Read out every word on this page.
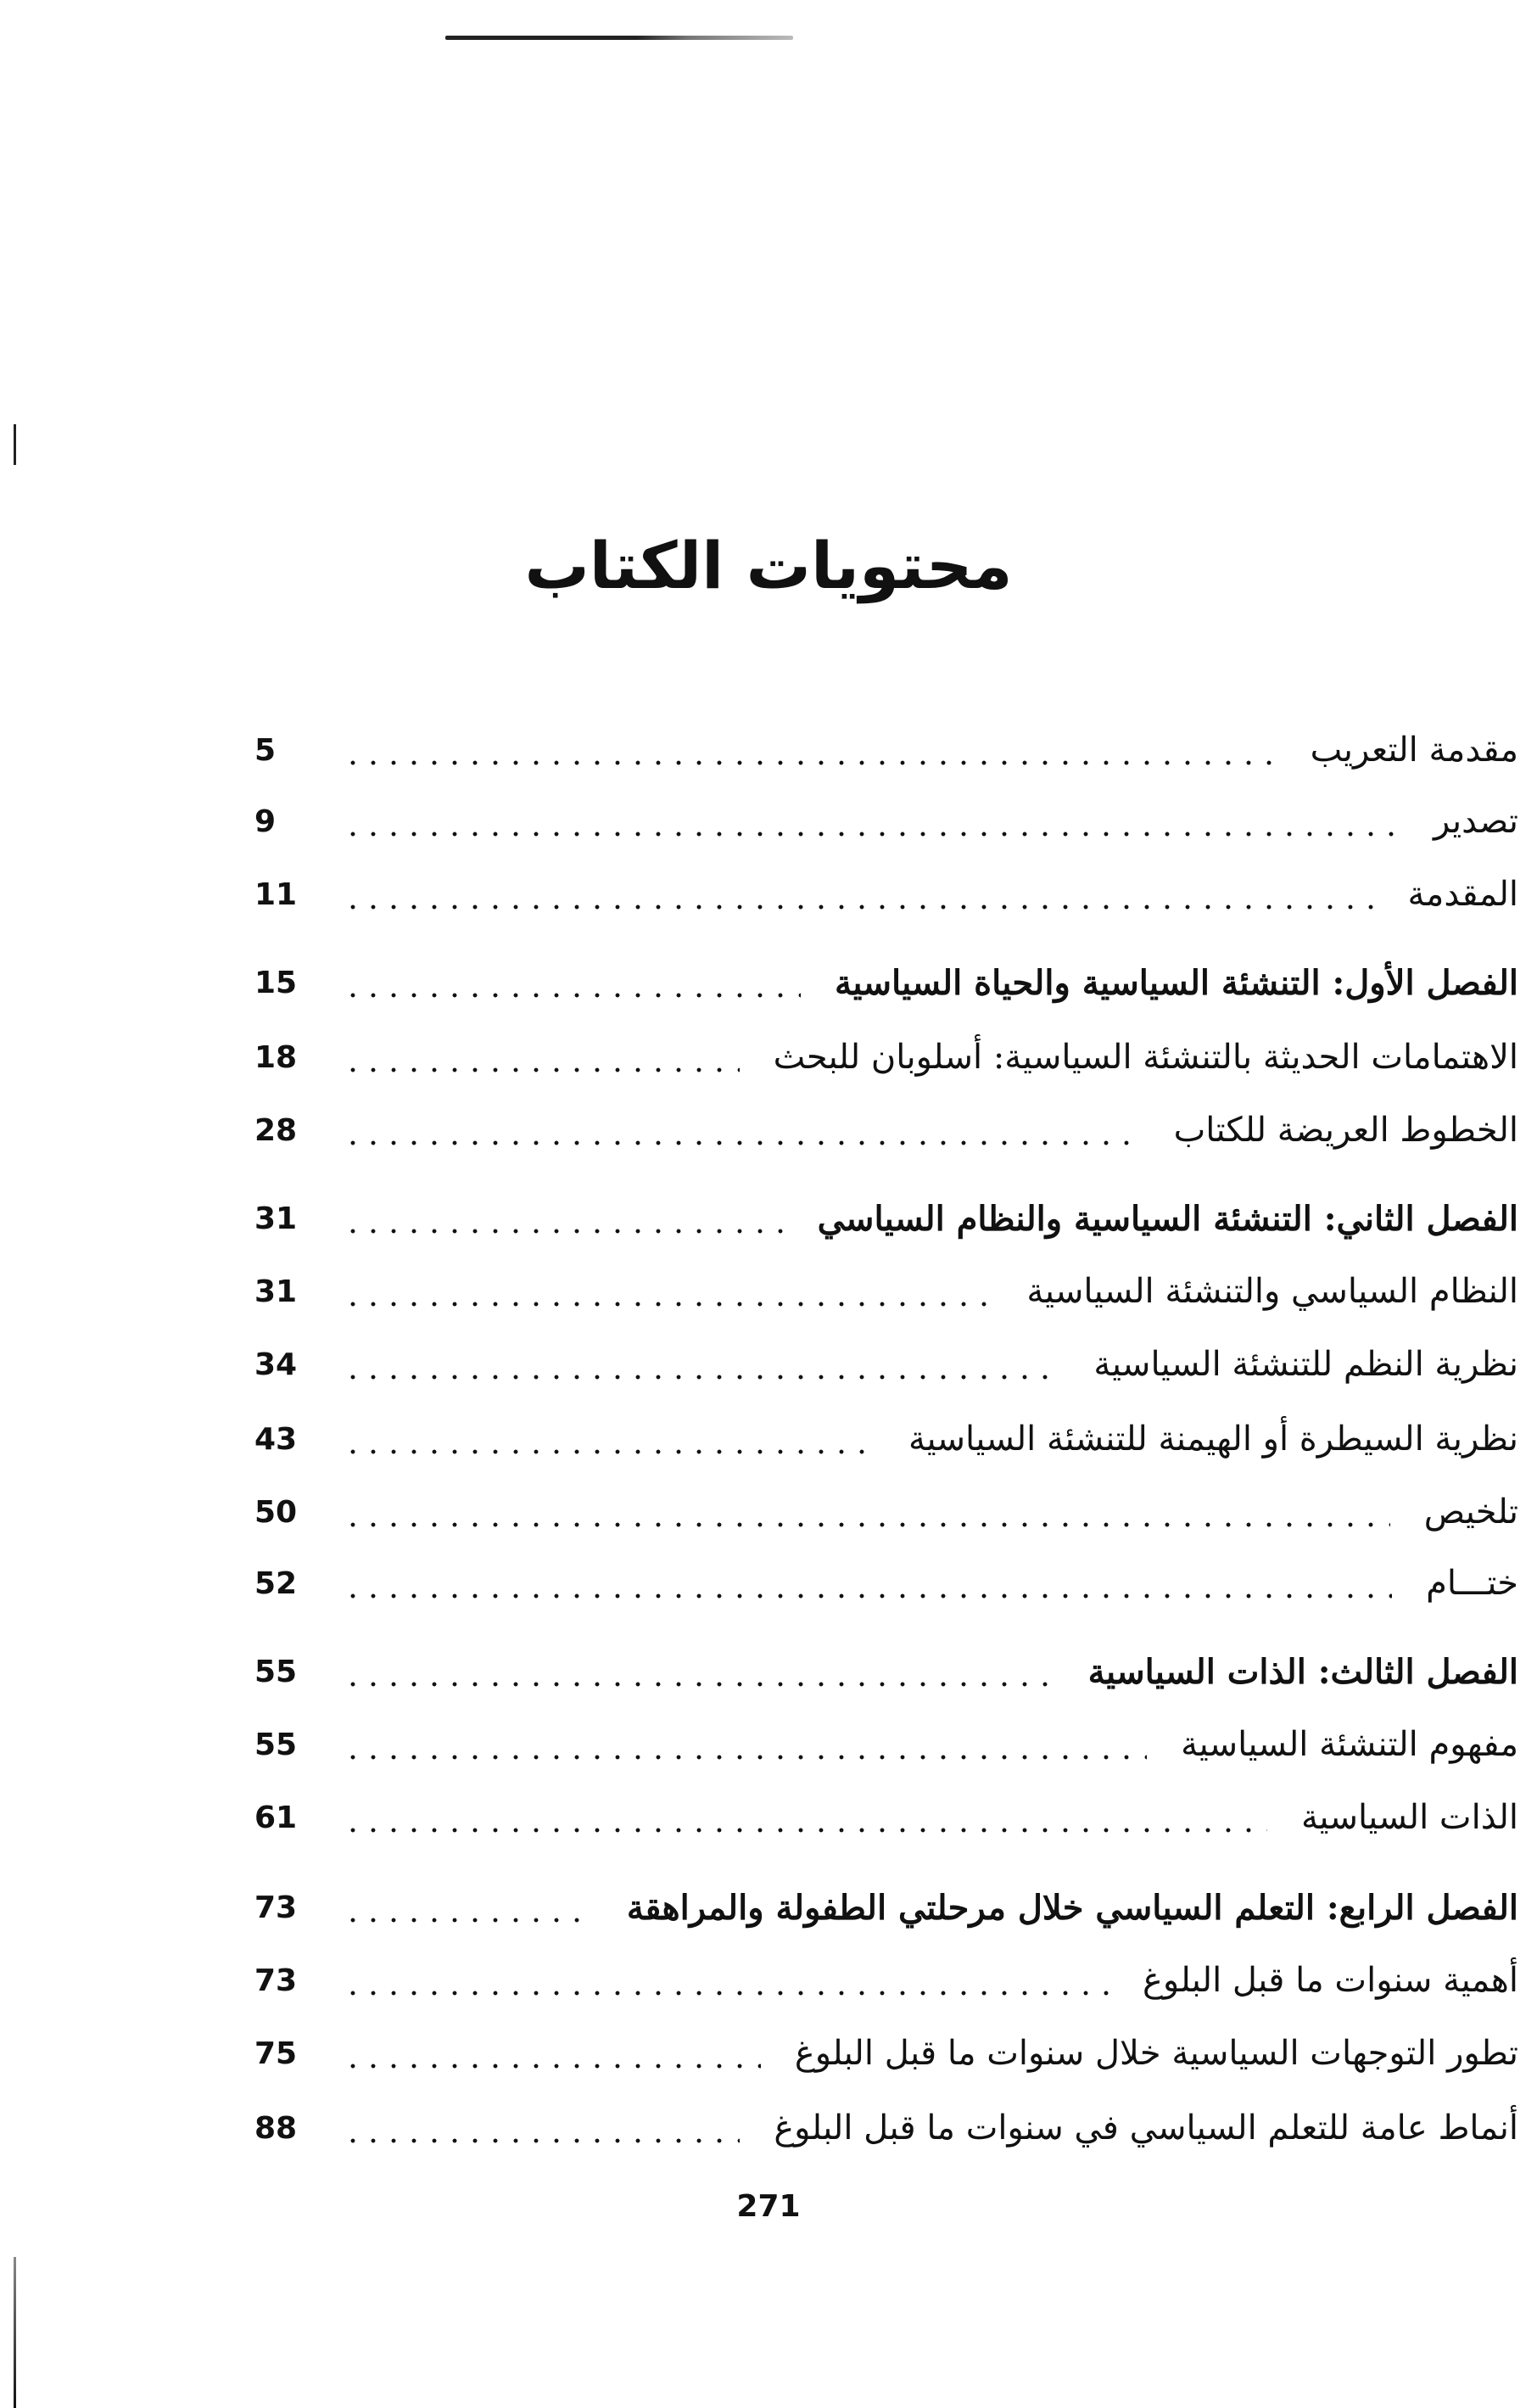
محتويات الكتاب
مقدمة التعريب
5
تصدير
9
المقدمة
11
الفصل الأول: التنشئة السياسية والحياة السياسية
15
الاهتمامات الحديثة بالتنشئة السياسية: أسلوبان للبحث
18
الخطوط العريضة للكتاب
28
الفصل الثاني: التنشئة السياسية والنظام السياسي
31
النظام السياسي والتنشئة السياسية
31
نظرية النظم للتنشئة السياسية
34
نظرية السيطرة أو الهيمنة للتنشئة السياسية
43
تلخيص
50
ختـــام
52
الفصل الثالث: الذات السياسية
55
مفهوم التنشئة السياسية
55
الذات السياسية
61
الفصل الرابع: التعلم السياسي خلال مرحلتي الطفولة والمراهقة
73
أهمية سنوات ما قبل البلوغ
73
تطور التوجهات السياسية خلال سنوات ما قبل البلوغ
75
أنماط عامة للتعلم السياسي في سنوات ما قبل البلوغ
88
271
